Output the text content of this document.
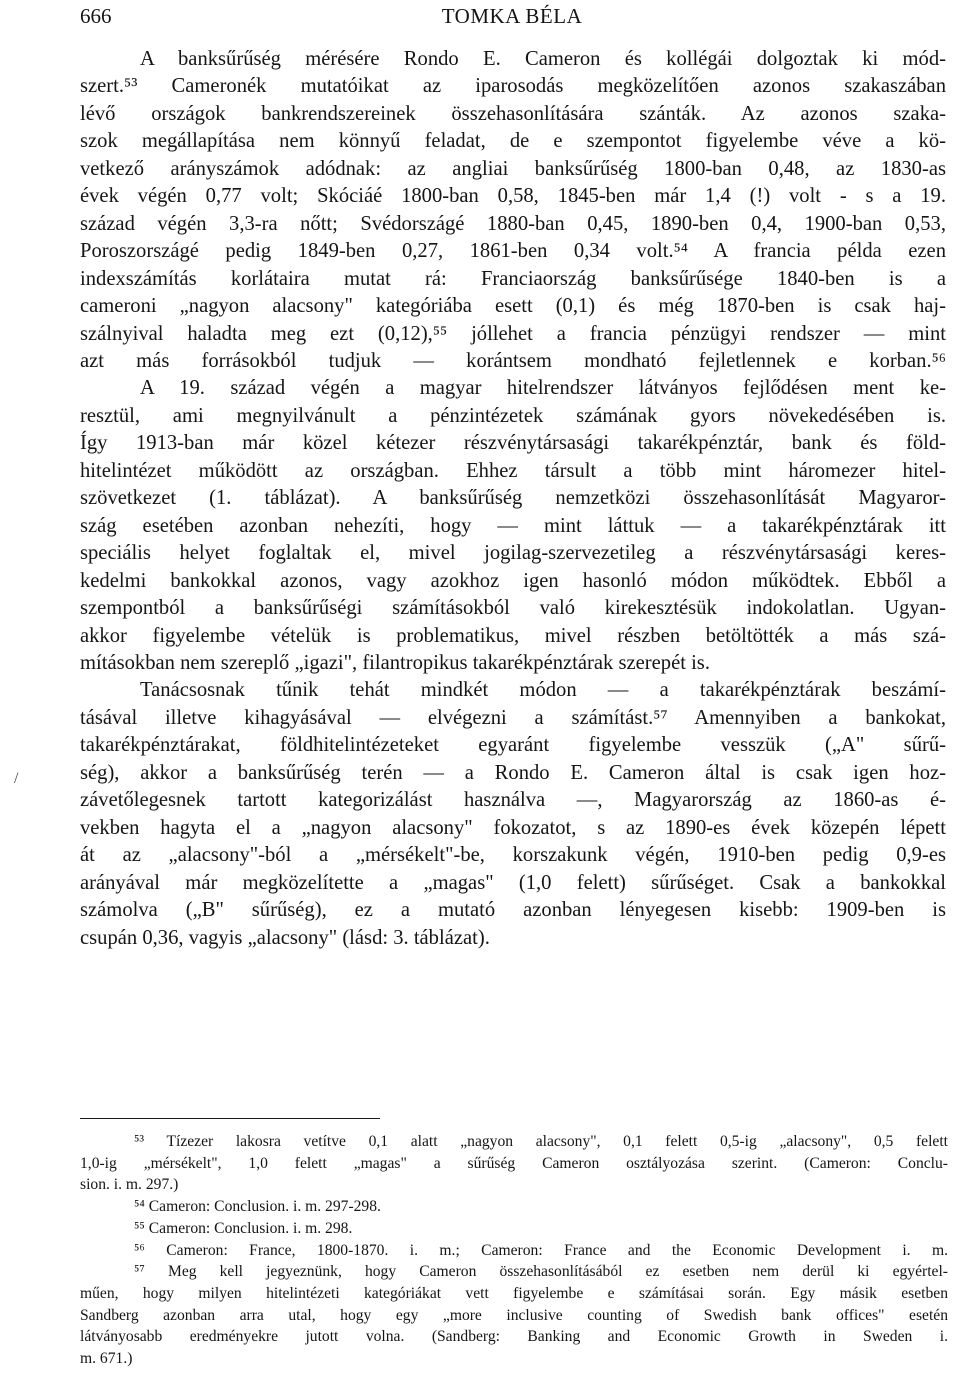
666	TOMKA BÉLA
A banksűrűség mérésére Rondo E. Cameron és kollégái dolgoztak ki mód-
szert.⁵³ Cameronék mutatóikat az iparosodás megközelítően azonos szakaszában
lévő országok bankrendszereinek összehasonlítására szánták. Az azonos szaka-
szok megállapítása nem könnyű feladat, de e szempontot figyelembe véve a kö-
vetkező arányszámok adódnak: az angliai banksűrűség 1800-ban 0,48, az 1830-as
évek végén 0,77 volt; Skóciáé 1800-ban 0,58, 1845-ben már 1,4 (!) volt - s a 19.
század végén 3,3-ra nőtt; Svédországé 1880-ban 0,45, 1890-ben 0,4, 1900-ban 0,53,
Poroszországé pedig 1849-ben 0,27, 1861-ben 0,34 volt.⁵⁴ A francia példa ezen
indexszámítás korlátaira mutat rá: Franciaország banksűrűsége 1840-ben is a
cameroni „nagyon alacsony" kategóriába esett (0,1) és még 1870-ben is csak haj-
szálnyival haladta meg ezt (0,12),⁵⁵ jóllehet a francia pénzügyi rendszer — mint
azt más forrásokból tudjuk — korántsem mondható fejletlennek e korban.⁵⁶
A 19. század végén a magyar hitelrendszer látványos fejlődésen ment ke-
resztül, ami megnyilvánult a pénzintézetek számának gyors növekedésében is.
Így 1913-ban már közel kétezer részvénytársasági takarékpénztár, bank és föld-
hitelintézet működött az országban. Ehhez társult a több mint háromezer hitel-
szövetkezet (1. táblázat). A banksűrűség nemzetközi összehasonlítását Magyaror-
szág esetében azonban nehezíti, hogy — mint láttuk — a takarékpénztárak itt
speciális helyet foglaltak el, mivel jogilag-szervezetileg a részvénytársasági keres-
kedelmi bankokkal azonos, vagy azokhoz igen hasonló módon működtek. Ebből a
szempontból a banksűrűségi számításokból való kirekesztésük indokolatlan. Ugyan-
akkor figyelembe vételük is problematikus, mivel részben betöltötték a más szá-
mításokban nem szereplő „igazi", filantropikus takarékpénztárak szerepét is.
Tanácsosnak tűnik tehát mindkét módon — a takarékpénztárak beszámí-
tásával illetve kihagyásával — elvégezni a számítást.⁵⁷ Amennyiben a bankokat,
takarékpénztárakat, földhitelintézeteket egyaránt figyelembe vesszük („A" sűrű-
ség), akkor a banksűrűség terén — a Rondo E. Cameron által is csak igen hoz-
závetőlegesnek tartott kategorizálást használva —, Magyarország az 1860-as é-
vekben hagyta el a „nagyon alacsony" fokozatot, s az 1890-es évek közepén lépett
át az „alacsony"-ból a „mérsékelt"-be, korszakunk végén, 1910-ben pedig 0,9-es
arányával már megközelítette a „magas" (1,0 felett) sűrűséget. Csak a bankokkal
számolva („B" sűrűség), ez a mutató azonban lényegesen kisebb: 1909-ben is
csupán 0,36, vagyis „alacsony" (lásd: 3. táblázat).
/
⁵³ Tízezer lakosra vetítve 0,1 alatt „nagyon alacsony", 0,1 felett 0,5-ig „alacsony", 0,5 felett
1,0-ig „mérsékelt", 1,0 felett „magas" a sűrűség Cameron osztályozása szerint. (Cameron: Conclu-
sion. i. m. 297.)
⁵⁴ Cameron: Conclusion. i. m. 297-298.
⁵⁵ Cameron: Conclusion. i. m. 298.
⁵⁶ Cameron: France, 1800-1870. i. m.; Cameron: France and the Economic Development i. m.
⁵⁷ Meg kell jegyeznünk, hogy Cameron összehasonlításából ez esetben nem derül ki egyértel-
műen, hogy milyen hitelintézeti kategóriákat vett figyelembe e számításai során. Egy másik esetben
Sandberg azonban arra utal, hogy egy „more inclusive counting of Swedish bank offices" esetén
látványosabb eredményekre jutott volna. (Sandberg: Banking and Economic Growth in Sweden i.
m. 671.)
